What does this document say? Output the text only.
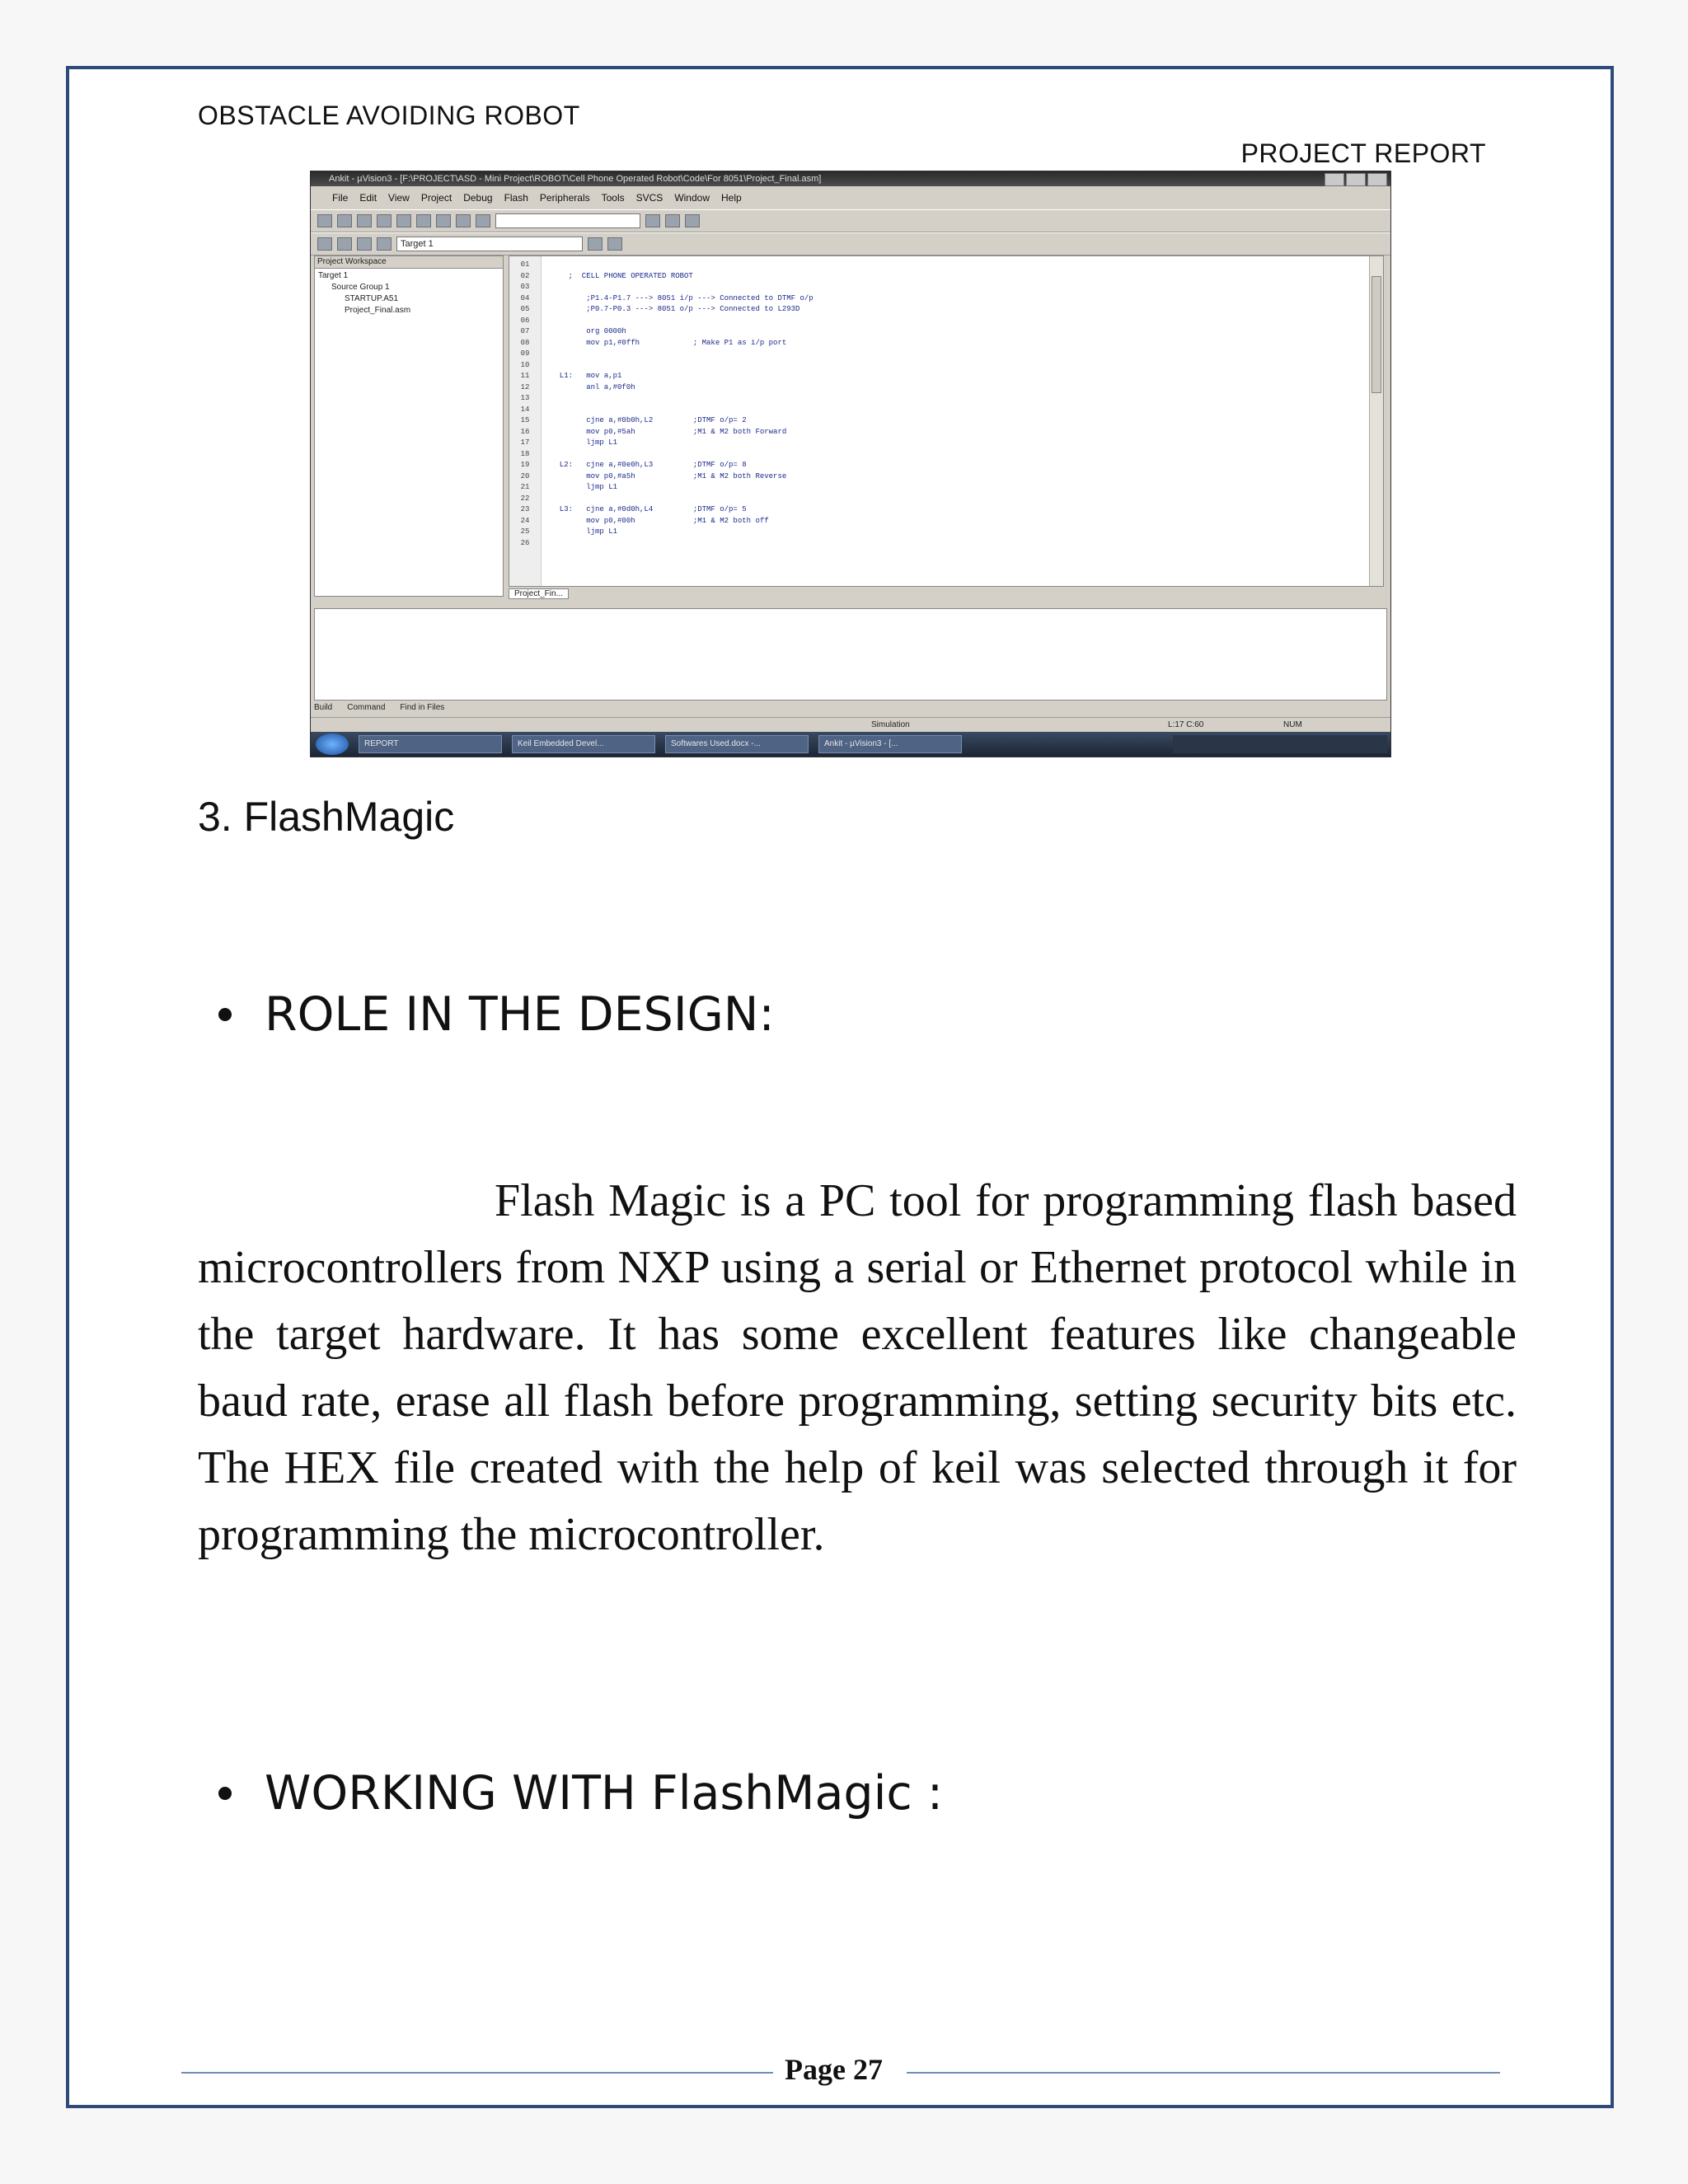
OBSTACLE AVOIDING ROBOT
PROJECT REPORT
Ankit - µVision3 - [F:\PROJECT\ASD - Mini Project\ROBOT\Cell Phone Operated Robot\Code\For 8051\Project_Final.asm]
File Edit View Project Debug Flash Peripherals Tools SVCS Window Help
Target 1
Project Workspace
Target 1
Source Group 1
STARTUP.A51
Project_Final.asm
01
02
03
04
05
06
07
08
09
10
11
12
13
14
15
16
17
18
19
20
21
22
23
24
25
26

;  CELL PHONE OPERATED ROBOT

;P1.4-P1.7 ---> 8051 i/p ---> Connected to DTMF o/p
;P0.7-P0.3 ---> 8051 o/p ---> Connected to L293D

org 0000h
mov p1,#0ffh            ; Make P1 as i/p port

L1:   mov a,p1
anl a,#0f0h

cjne a,#0b0h,L2         ;DTMF o/p= 2
mov p0,#5ah             ;M1 & M2 both Forward
ljmp L1

L2:   cjne a,#0e0h,L3         ;DTMF o/p= 8
mov p0,#a5h             ;M1 & M2 both Reverse
ljmp L1

L3:   cjne a,#0d0h,L4         ;DTMF o/p= 5
mov p0,#00h             ;M1 & M2 both off
ljmp L1

Project_Fin...
Build Command Find in Files
Simulation	L:17 C:60	NUM
REPORT	Keil Embedded Devel...	Softwares Used.docx -...	Ankit - µVision3 - [...
3. FlashMagic
ROLE IN THE DESIGN:

Flash Magic is a PC tool for programming flash based microcontrollers from NXP using a serial or Ethernet protocol while in the target hardware. It has some excellent features like changeable baud rate, erase all flash before programming, setting security bits etc. The HEX file created with the help of keil was selected through it for programming the microcontroller.

WORKING WITH FlashMagic :
Page 27
